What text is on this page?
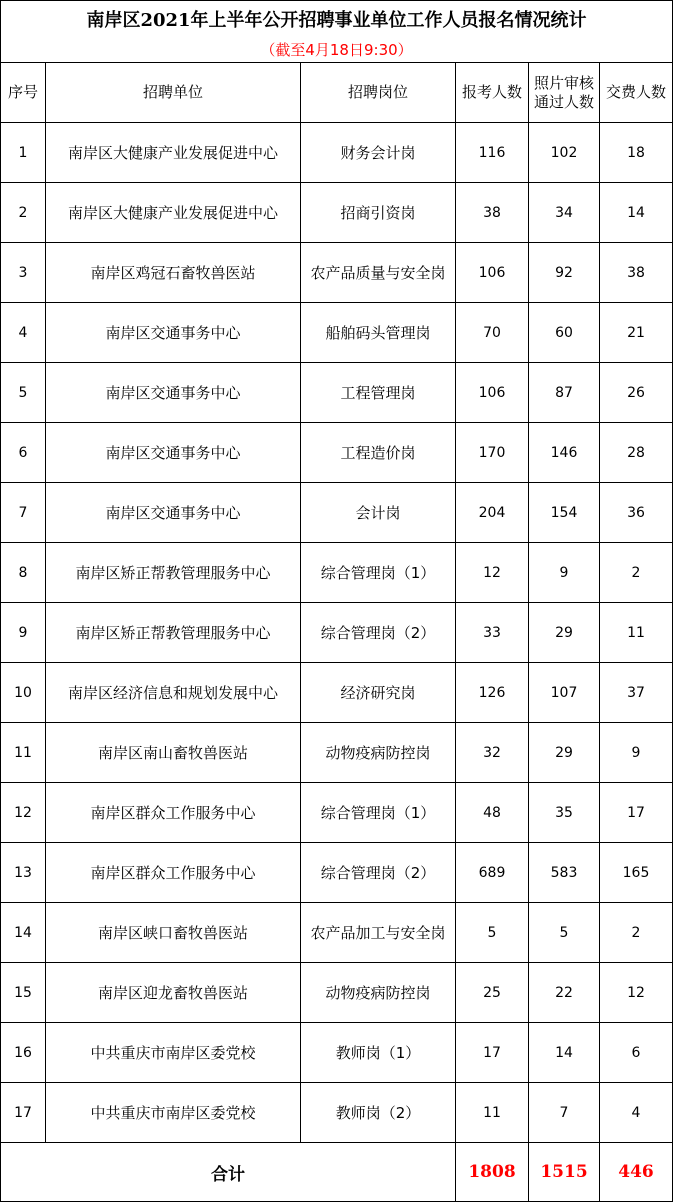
南岸区2021年上半年公开招聘事业单位工作人员报名情况统计					
（截至4月18日9:30）					
序号	招聘单位	招聘岗位	报考人数	照片审核通过人数	交费人数
1	南岸区大健康产业发展促进中心	财务会计岗	116	102	18
2	南岸区大健康产业发展促进中心	招商引资岗	38	34	14
3	南岸区鸡冠石畜牧兽医站	农产品质量与安全岗	106	92	38
4	南岸区交通事务中心	船舶码头管理岗	70	60	21
5	南岸区交通事务中心	工程管理岗	106	87	26
6	南岸区交通事务中心	工程造价岗	170	146	28
7	南岸区交通事务中心	会计岗	204	154	36
8	南岸区矫正帮教管理服务中心	综合管理岗（1）	12	9	2
9	南岸区矫正帮教管理服务中心	综合管理岗（2）	33	29	11
10	南岸区经济信息和规划发展中心	经济研究岗	126	107	37
11	南岸区南山畜牧兽医站	动物疫病防控岗	32	29	9
12	南岸区群众工作服务中心	综合管理岗（1）	48	35	17
13	南岸区群众工作服务中心	综合管理岗（2）	689	583	165
14	南岸区峡口畜牧兽医站	农产品加工与安全岗	5	5	2
15	南岸区迎龙畜牧兽医站	动物疫病防控岗	25	22	12
16	中共重庆市南岸区委党校	教师岗（1）	17	14	6
17	中共重庆市南岸区委党校	教师岗（2）	11	7	4
合计			1808	1515	446
